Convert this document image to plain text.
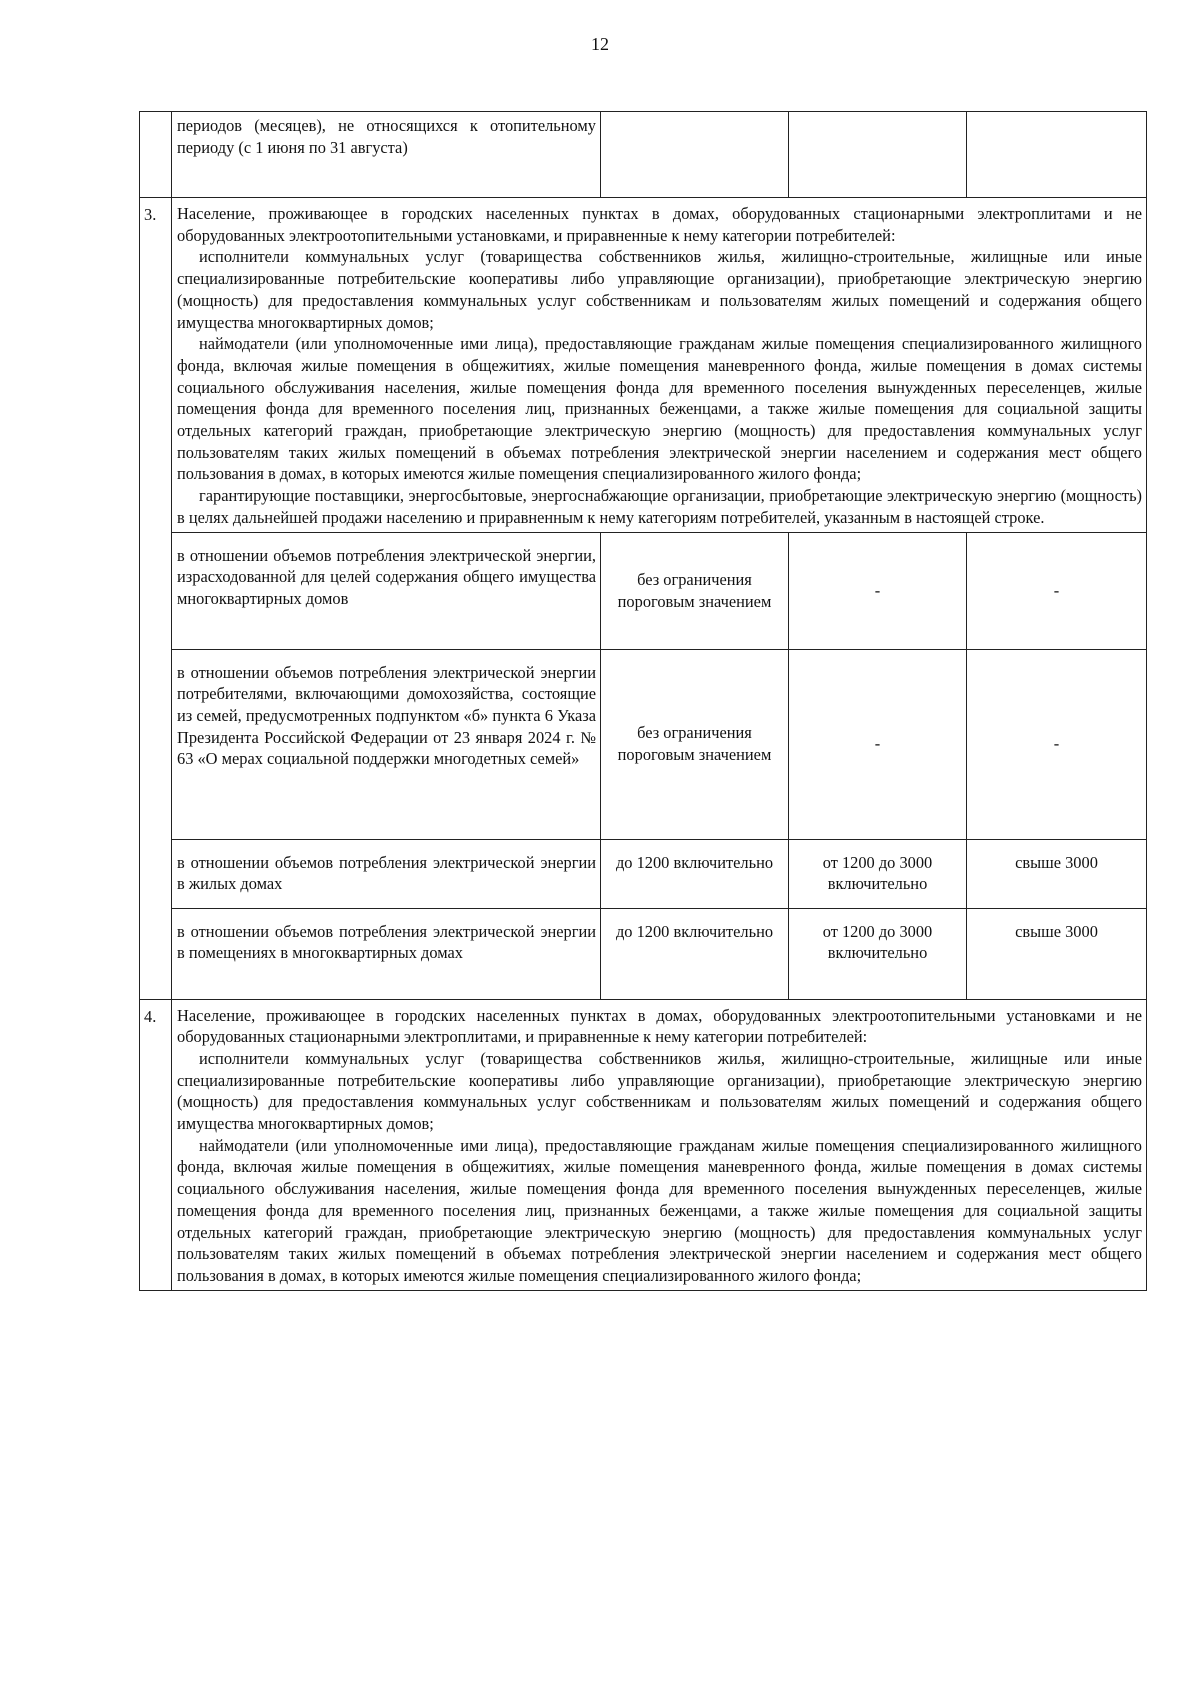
12

	периодов (месяцев), не относящихся к отопительному периоду (с 1 июня по 31 августа)			

3.	Население, проживающее в городских населенных пунктах в домах, оборудованных стационарными электроплитами и не оборудованных электроотопительными установками, и приравненные к нему категории потребителей:

исполнители коммунальных услуг (товарищества собственников жилья, жилищно-строительные, жилищные или иные специализированные потребительские кооперативы либо управляющие организации), приобретающие электрическую энергию (мощность) для предоставления коммунальных услуг собственникам и пользователям жилых помещений и содержания общего имущества многоквартирных домов;

наймодатели (или уполномоченные ими лица), предоставляющие гражданам жилые помещения специализированного жилищного фонда, включая жилые помещения в общежитиях, жилые помещения маневренного фонда, жилые помещения в домах системы социального обслуживания населения, жилые помещения фонда для временного поселения вынужденных переселенцев, жилые помещения фонда для временного поселения лиц, признанных беженцами, а также жилые помещения для социальной защиты отдельных категорий граждан, приобретающие электрическую энергию (мощность) для предоставления коммунальных услуг пользователям таких жилых помещений в объемах потребления электрической энергии населением и содержания мест общего пользования в домах, в которых имеются жилые помещения специализированного жилого фонда;

гарантирующие поставщики, энергосбытовые, энергоснабжающие организации, приобретающие электрическую энергию (мощность) в целях дальнейшей продажи населению и приравненным к нему категориям потребителей, указанным в настоящей строке.			

	в отношении объемов потребления электрической энергии, израсходованной для целей содержания общего имущества многоквартирных домов	без ограничения пороговым значением	-	-

	в отношении объемов потребления электрической энергии потребителями, включающими домохозяйства, состоящие из семей, предусмотренных подпунктом «б» пункта 6 Указа Президента Российской Федерации от 23 января 2024 г. № 63 «О мерах социальной поддержки многодетных семей»	без ограничения пороговым значением	-	-

	в отношении объемов потребления электрической энергии в жилых домах	до 1200 включительно	от 1200 до 3000 включительно	свыше 3000

	в отношении объемов потребления электрической энергии в помещениях в многоквартирных домах	до 1200 включительно	от 1200 до 3000 включительно	свыше 3000
4.	Население, проживающее в городских населенных пунктах в домах, оборудованных электроотопительными установками и не оборудованных стационарными электроплитами, и приравненные к нему категории потребителей:

исполнители коммунальных услуг (товарищества собственников жилья, жилищно-строительные, жилищные или иные специализированные потребительские кооперативы либо управляющие организации), приобретающие электрическую энергию (мощность) для предоставления коммунальных услуг собственникам и пользователям жилых помещений и содержания общего имущества многоквартирных домов;

наймодатели (или уполномоченные ими лица), предоставляющие гражданам жилые помещения специализированного жилищного фонда, включая жилые помещения в общежитиях, жилые помещения маневренного фонда, жилые помещения в домах системы социального обслуживания населения, жилые помещения фонда для временного поселения вынужденных переселенцев, жилые помещения фонда для временного поселения лиц, признанных беженцами, а также жилые помещения для социальной защиты отдельных категорий граждан, приобретающие электрическую энергию (мощность) для предоставления коммунальных услуг пользователям таких жилых помещений в объемах потребления электрической энергии населением и содержания мест общего пользования в домах, в которых имеются жилые помещения специализированного жилого фонда;			
